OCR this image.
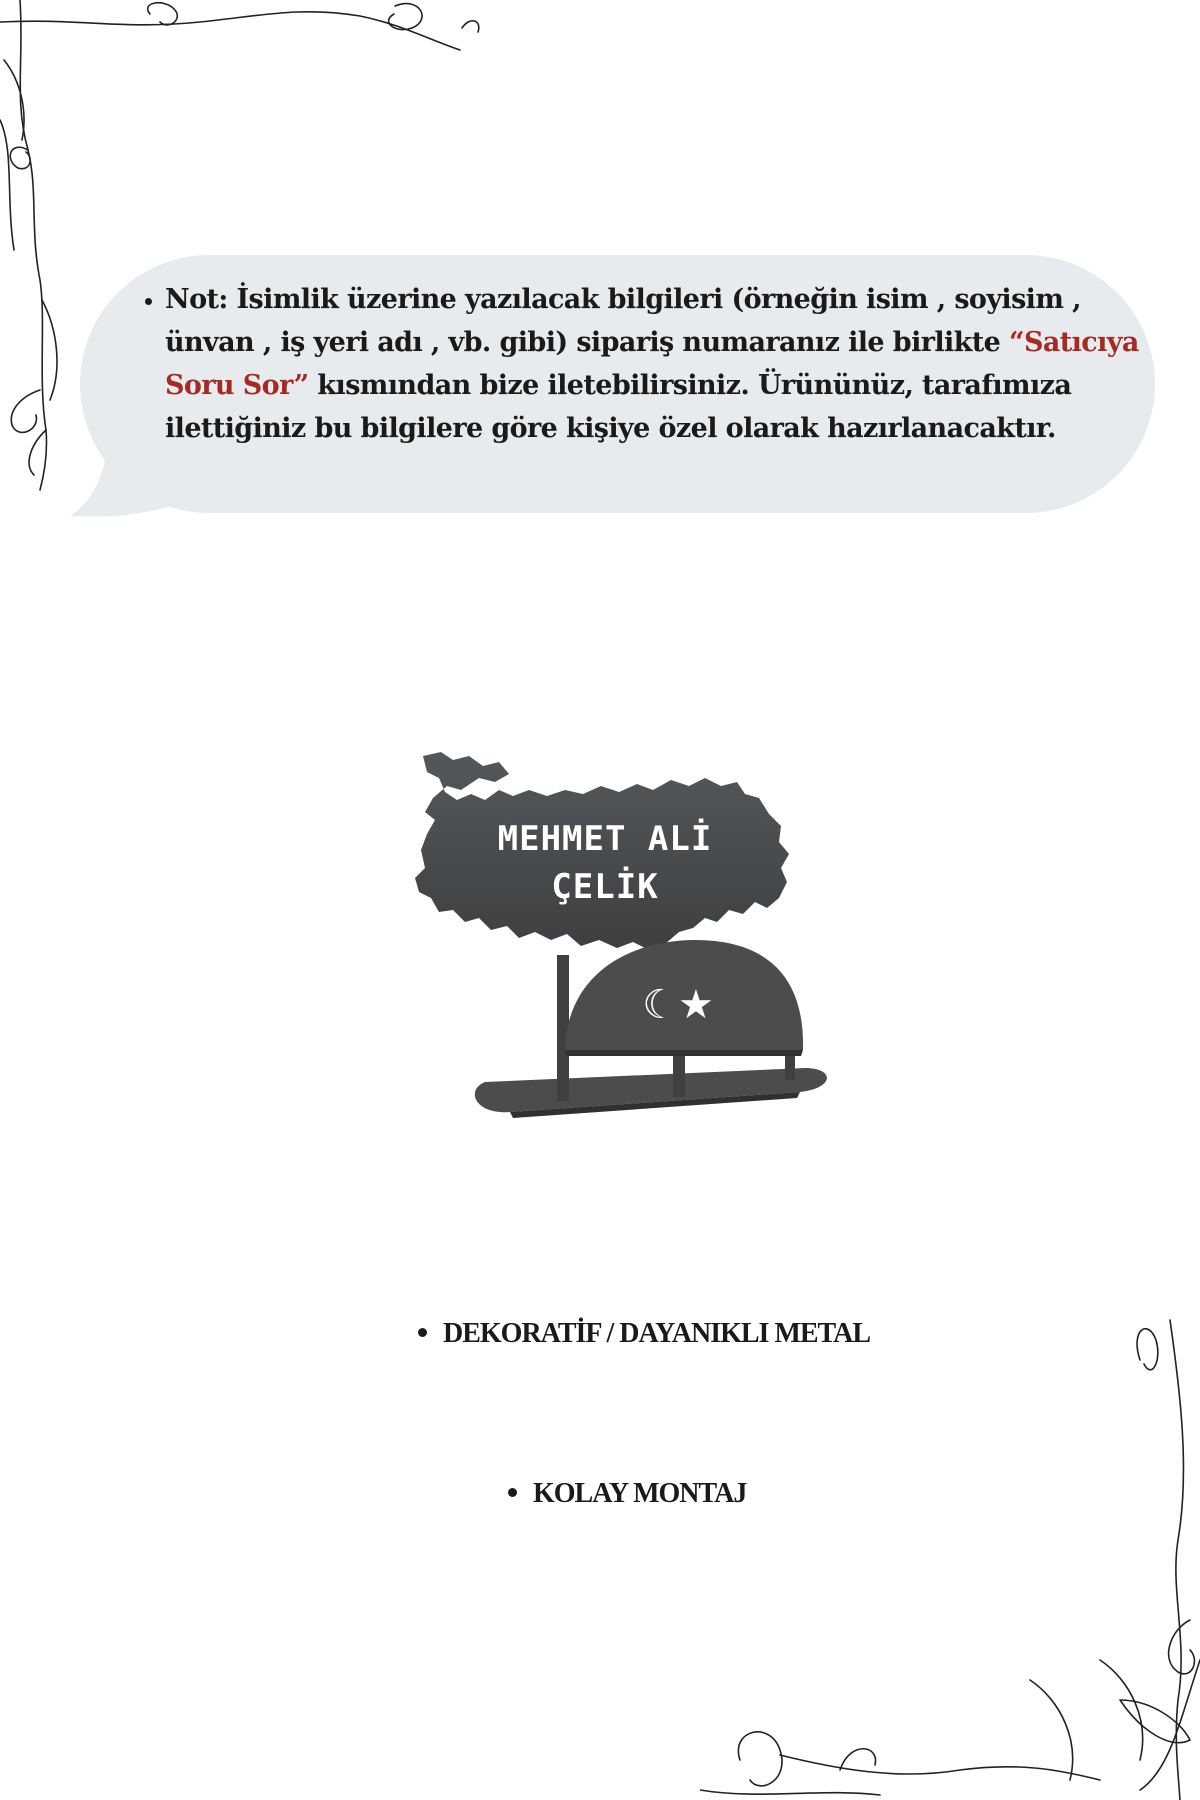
• Not: İsimlik üzerine yazılacak bilgileri (örneğin isim , soyisim , ünvan , iş yeri adı , vb. gibi) sipariş numaranız ile birlikte “Satıcıya Soru Sor” kısmından bize iletebilirsiniz. Ürününüz, tarafımıza ilettiğiniz bu bilgilere göre kişiye özel olarak hazırlanacaktır.
☾★
MEHMET ALİ
ÇELİK
DEKORATİF / DAYANIKLI METAL
KOLAY MONTAJ
